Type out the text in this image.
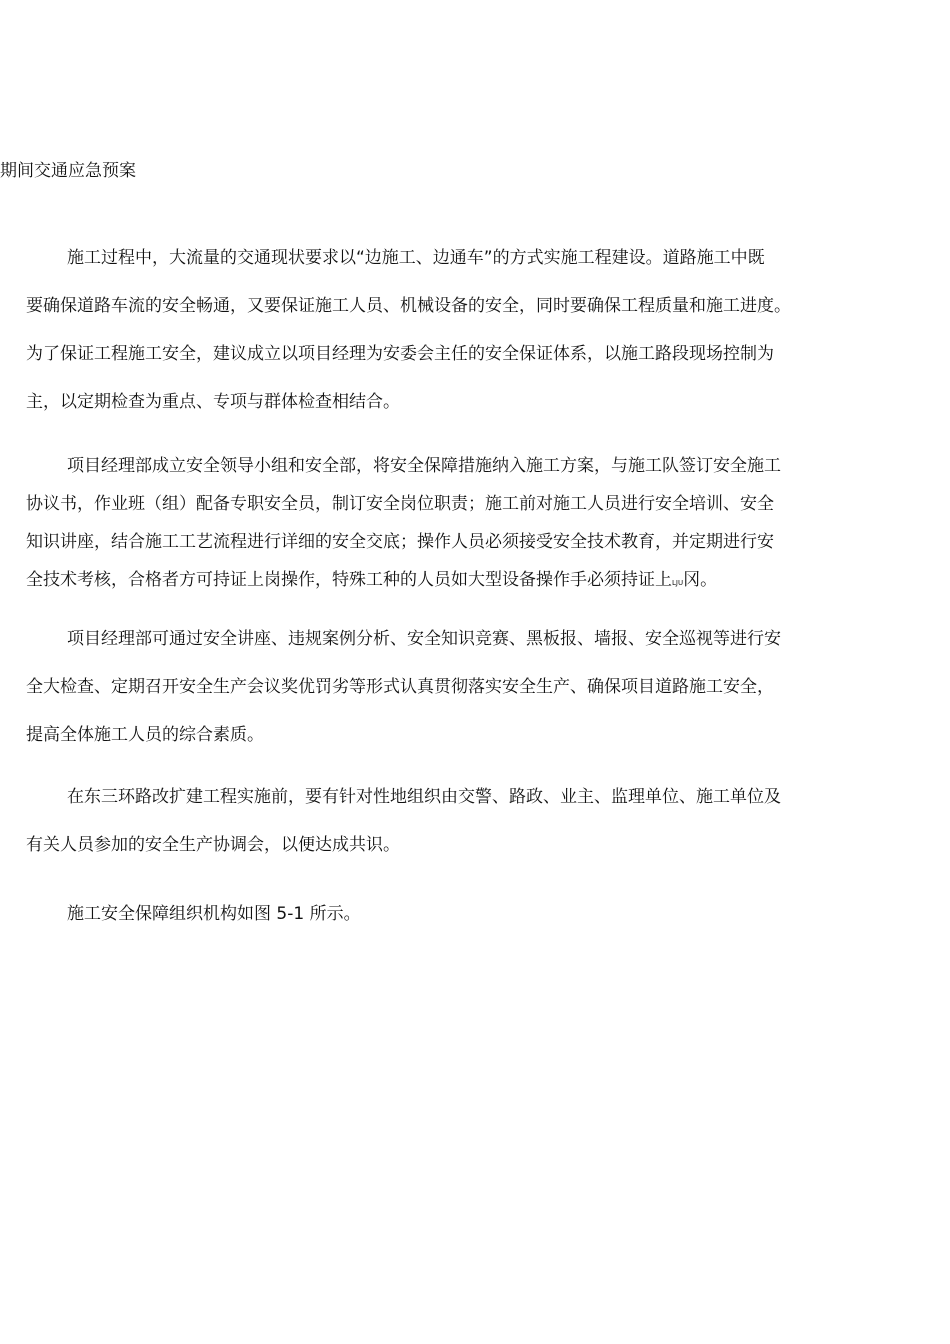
期间交通应急预案
施工过程中，大流量的交通现状要求以“边施工、边通车”的方式实施工程建设。道路施工中既
要确保道路车流的安全畅通，又要保证施工人员、机械设备的安全，同时要确保工程质量和施工进度。
为了保证工程施工安全，建议成立以项目经理为安委会主任的安全保证体系，以施工路段现场控制为
主，以定期检查为重点、专项与群体检查相结合。
项目经理部成立安全领导小组和安全部，将安全保障措施纳入施工方案，与施工队签订安全施工
协议书，作业班（组）配备专职安全员，制订安全岗位职责；施工前对施工人员进行安全培训、安全
知识讲座，结合施工工艺流程进行详细的安全交底；操作人员必须接受安全技术教育，并定期进行安
全技术考核，合格者方可持证上岗操作，特殊工种的人员如大型设备操作手必须持证上LJU冈。
项目经理部可通过安全讲座、违规案例分析、安全知识竞赛、黑板报、墙报、安全巡视等进行安
全大检查、定期召开安全生产会议奖优罚劣等形式认真贯彻落实安全生产、确保项目道路施工安全，
提高全体施工人员的综合素质。
在东三环路改扩建工程实施前，要有针对性地组织由交警、路政、业主、监理单位、施工单位及
有关人员参加的安全生产协调会，以便达成共识。
施工安全保障组织机构如图 5-1 所示。
